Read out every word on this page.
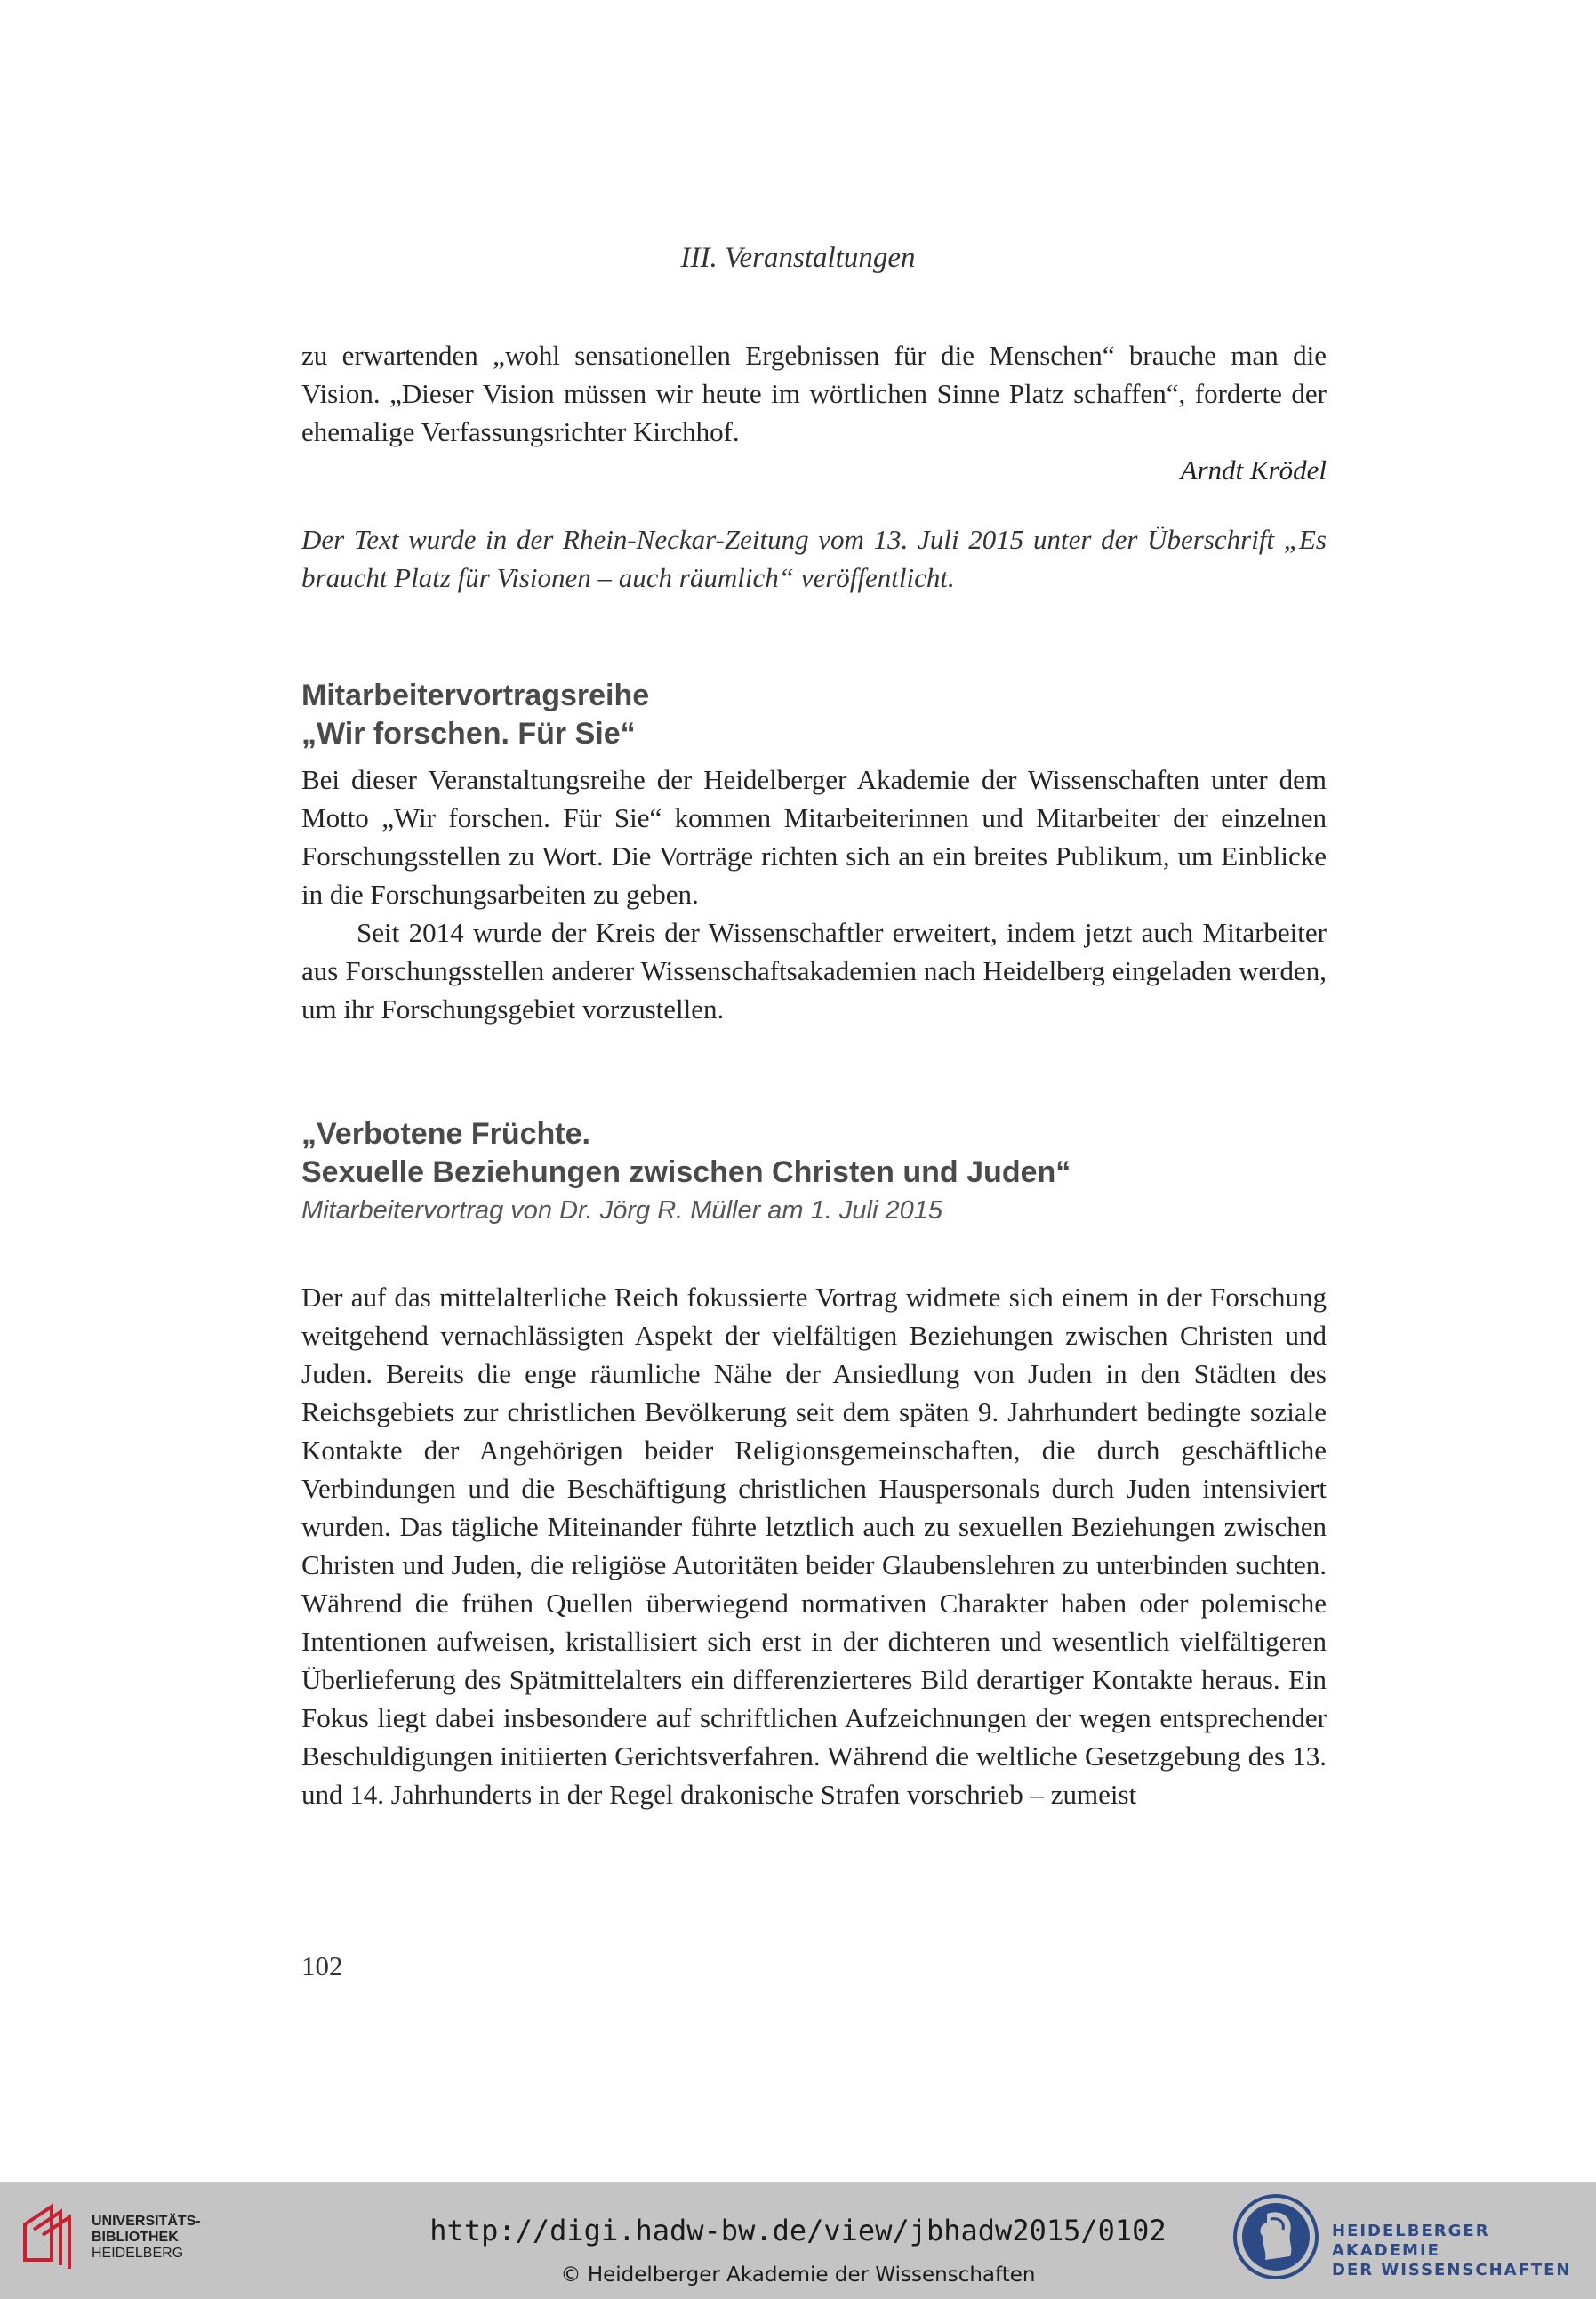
III. Veranstaltungen
zu erwartenden „wohl sensationellen Ergebnissen für die Menschen“ brauche man die Vision. „Dieser Vision müssen wir heute im wörtlichen Sinne Platz schaffen“, forderte der ehemalige Verfassungsrichter Kirchhof.
Arndt Krödel
Der Text wurde in der Rhein-Neckar-Zeitung vom 13. Juli 2015 unter der Überschrift „Es braucht Platz für Visionen – auch räumlich“ veröffentlicht.
Mitarbeitervortragsreihe
„Wir forschen. Für Sie“
Bei dieser Veranstaltungsreihe der Heidelberger Akademie der Wissenschaften unter dem Motto „Wir forschen. Für Sie“ kommen Mitarbeiterinnen und Mitarbeiter der einzelnen Forschungsstellen zu Wort. Die Vorträge richten sich an ein breites Publikum, um Einblicke in die Forschungsarbeiten zu geben.
Seit 2014 wurde der Kreis der Wissenschaftler erweitert, indem jetzt auch Mitarbeiter aus Forschungsstellen anderer Wissenschaftsakademien nach Heidelberg eingeladen werden, um ihr Forschungsgebiet vorzustellen.
„Verbotene Früchte.
Sexuelle Beziehungen zwischen Christen und Juden“
Mitarbeitervortrag von Dr. Jörg R. Müller am 1. Juli 2015
Der auf das mittelalterliche Reich fokussierte Vortrag widmete sich einem in der Forschung weitgehend vernachlässigten Aspekt der vielfältigen Beziehungen zwischen Christen und Juden. Bereits die enge räumliche Nähe der Ansiedlung von Juden in den Städten des Reichsgebiets zur christlichen Bevölkerung seit dem späten 9. Jahrhundert bedingte soziale Kontakte der Angehörigen beider Religionsgemeinschaften, die durch geschäftliche Verbindungen und die Beschäftigung christlichen Hauspersonals durch Juden intensiviert wurden. Das tägliche Miteinander führte letztlich auch zu sexuellen Beziehungen zwischen Christen und Juden, die religiöse Autoritäten beider Glaubenslehren zu unterbinden suchten. Während die frühen Quellen überwiegend normativen Charakter haben oder polemische Intentionen aufweisen, kristallisiert sich erst in der dichteren und wesentlich vielfältigeren Überlieferung des Spätmittelalters ein differenzierteres Bild derartiger Kontakte heraus. Ein Fokus liegt dabei insbesondere auf schriftlichen Aufzeichnungen der wegen entsprechender Beschuldigungen initiierten Gerichtsverfahren. Während die weltliche Gesetzgebung des 13. und 14. Jahrhunderts in der Regel drakonische Strafen vorschrieb – zumeist
102
UNIVERSITÄTS-
BIBLIOTHEK
HEIDELBERG
http://digi.hadw-bw.de/view/jbhadw2015/0102
© Heidelberger Akademie der Wissenschaften
HEIDELBERGER AKADEMIE
DER WISSENSCHAFTEN
